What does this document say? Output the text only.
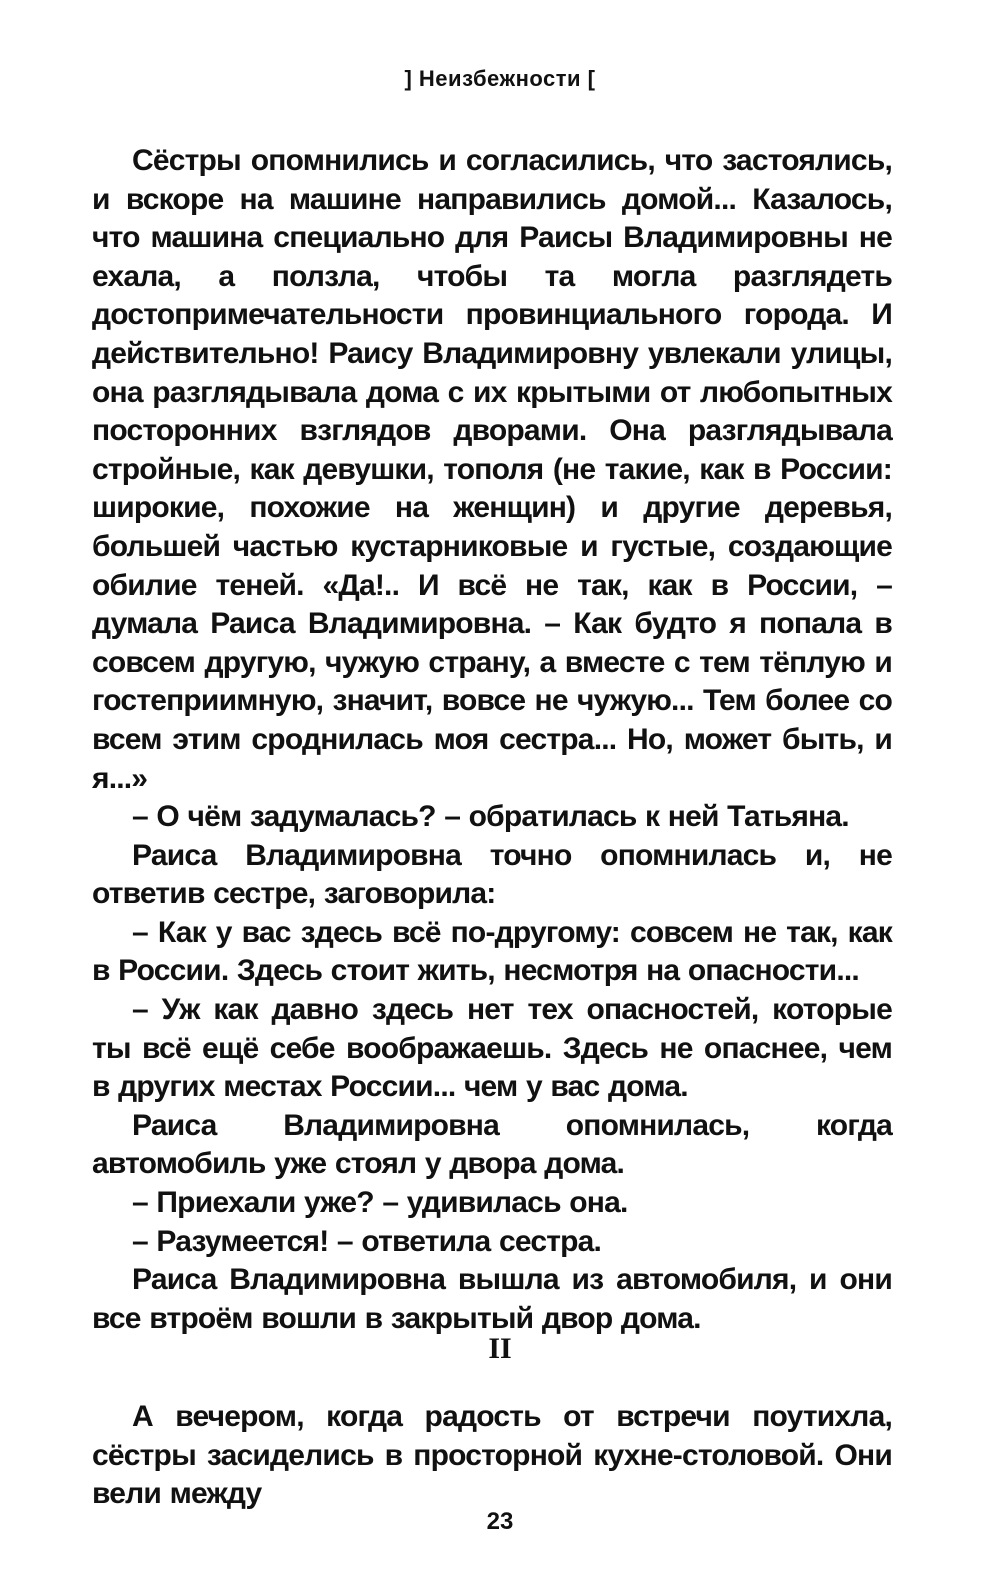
] Неизбежности [

Сёстры опомнились и согласились, что застоялись, и вскоре на машине направились домой... Казалось, что машина специально для Раисы Владимировны не ехала, а ползла, чтобы та могла разглядеть достопримечательности провинциального города. И действительно! Раису Владимировну увлекали улицы, она разглядывала дома с их крытыми от любопытных посторонних взглядов дворами. Она разглядывала стройные, как девушки, тополя (не такие, как в России: широкие, похожие на женщин) и другие деревья, большей частью кустарниковые и густые, создающие обилие теней. «Да!.. И всё не так, как в России, – думала Раиса Владимировна. – Как будто я попала в совсем другую, чужую страну, а вместе с тем тёплую и гостеприимную, значит, вовсе не чужую... Тем более со всем этим сроднилась моя сестра... Но, может быть, и я...»

– О чём задумалась? – обратилась к ней Татьяна.

Раиса Владимировна точно опомнилась и, не ответив сестре, заговорила:

– Как у вас здесь всё по-другому: совсем не так, как в России. Здесь стоит жить, несмотря на опасности...

– Уж как давно здесь нет тех опасностей, которые ты всё ещё себе воображаешь. Здесь не опаснее, чем в других местах России... чем у вас дома.

Раиса Владимировна опомнилась, когда автомобиль уже стоял у двора дома.

– Приехали уже? – удивилась она.

– Разумеется! – ответила сестра.

Раиса Владимировна вышла из автомобиля, и они все втроём вошли в закрытый двор дома.

II

А вечером, когда радость от встречи поутихла, сёстры засиделись в просторной кухне-столовой. Они вели между

23
